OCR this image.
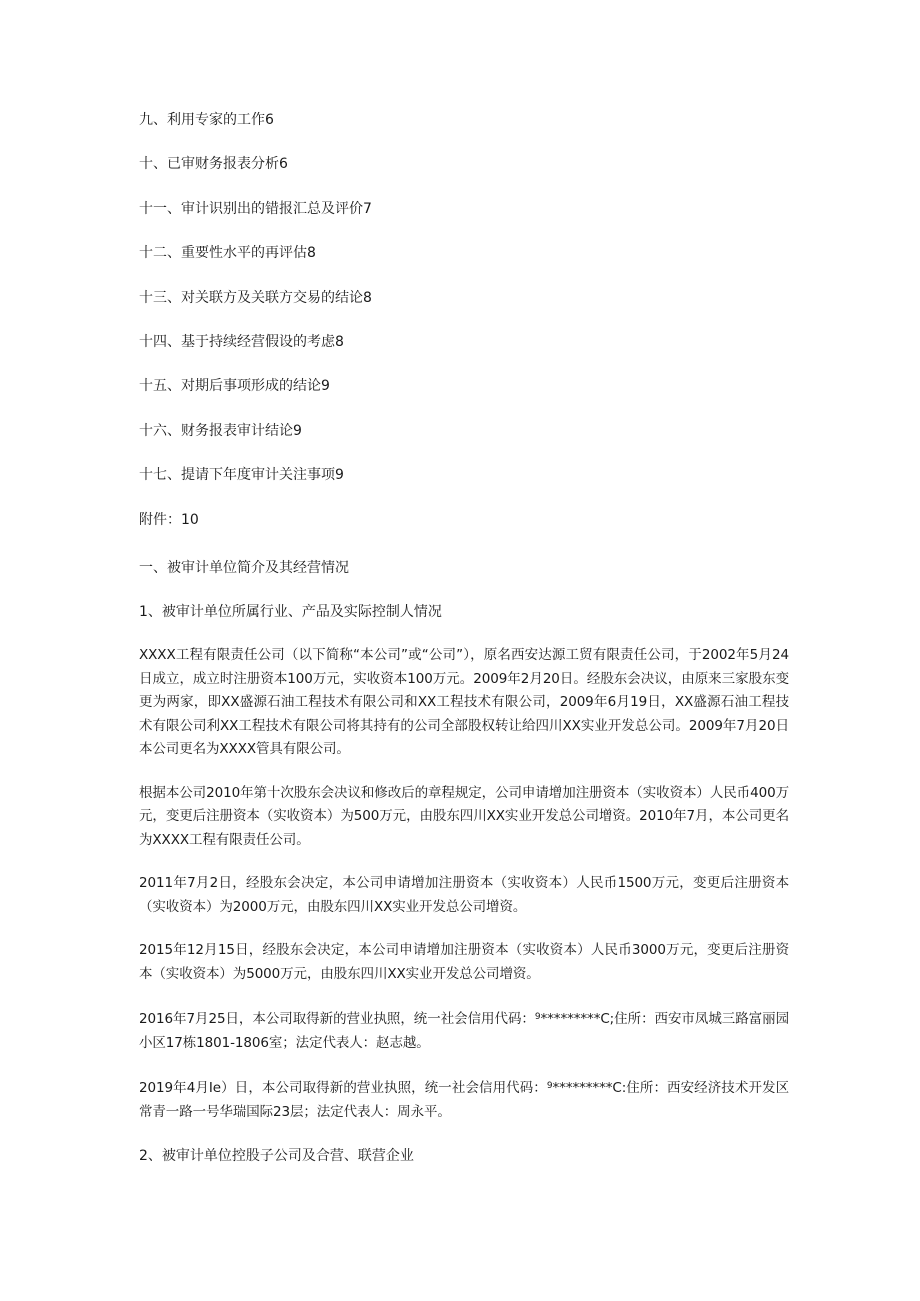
九、利用专家的工作6
十、已审财务报表分析6
十一、审计识别出的错报汇总及评价7
十二、重要性水平的再评估8
十三、对关联方及关联方交易的结论8
十四、基于持续经营假设的考虑8
十五、对期后事项形成的结论9
十六、财务报表审计结论9
十七、提请下年度审计关注事项9
附件：10
一、被审计单位简介及其经营情况
1、被审计单位所属行业、产品及实际控制人情况

XXXX工程有限责任公司（以下简称“本公司”或“公司”），原名西安达源工贸有限责任公司，于2002年5月24日成立，成立时注册资本100万元，实收资本100万元。2009年2月20日。经股东会决议，由原来三家股东变更为两家，即XX盛源石油工程技术有限公司和XX工程技术有限公司，2009年6月19日，XX盛源石油工程技术有限公司利XX工程技术有限公司将其持有的公司全部股权转让给四川XX实业开发总公司。2009年7月20日本公司更名为XXXX管具有限公司。

根据本公司2010年第十次股东会决议和修改后的章程规定，公司申请增加注册资本（实收资本）人民币400万元，变更后注册资本（实收资本）为500万元，由股东四川XX实业开发总公司增资。2010年7月，本公司更名为XXXX工程有限责任公司。

2011年7月2日，经股东会决定，本公司申请增加注册资本（实收资本）人民币1500万元，变更后注册资本（实收资本）为2000万元，由股东四川XX实业开发总公司增资。

2015年12月15日，经股东会决定，本公司申请增加注册资本（实收资本）人民币3000万元，变更后注册资本（实收资本）为5000万元，由股东四川XX实业开发总公司增资。

2016年7月25日，本公司取得新的营业执照，统一社会信用代码：$^9$*********C;住所：西安市凤城三路富丽园小区17栋1801-1806室；法定代表人：赵志越。

2019年4月Ie）日，本公司取得新的营业执照，统一社会信用代码：$^9$*********C:住所：西安经济技术开发区常青一路一号华瑞国际23层；法定代表人：周永平。

2、被审计单位控股子公司及合营、联营企业
